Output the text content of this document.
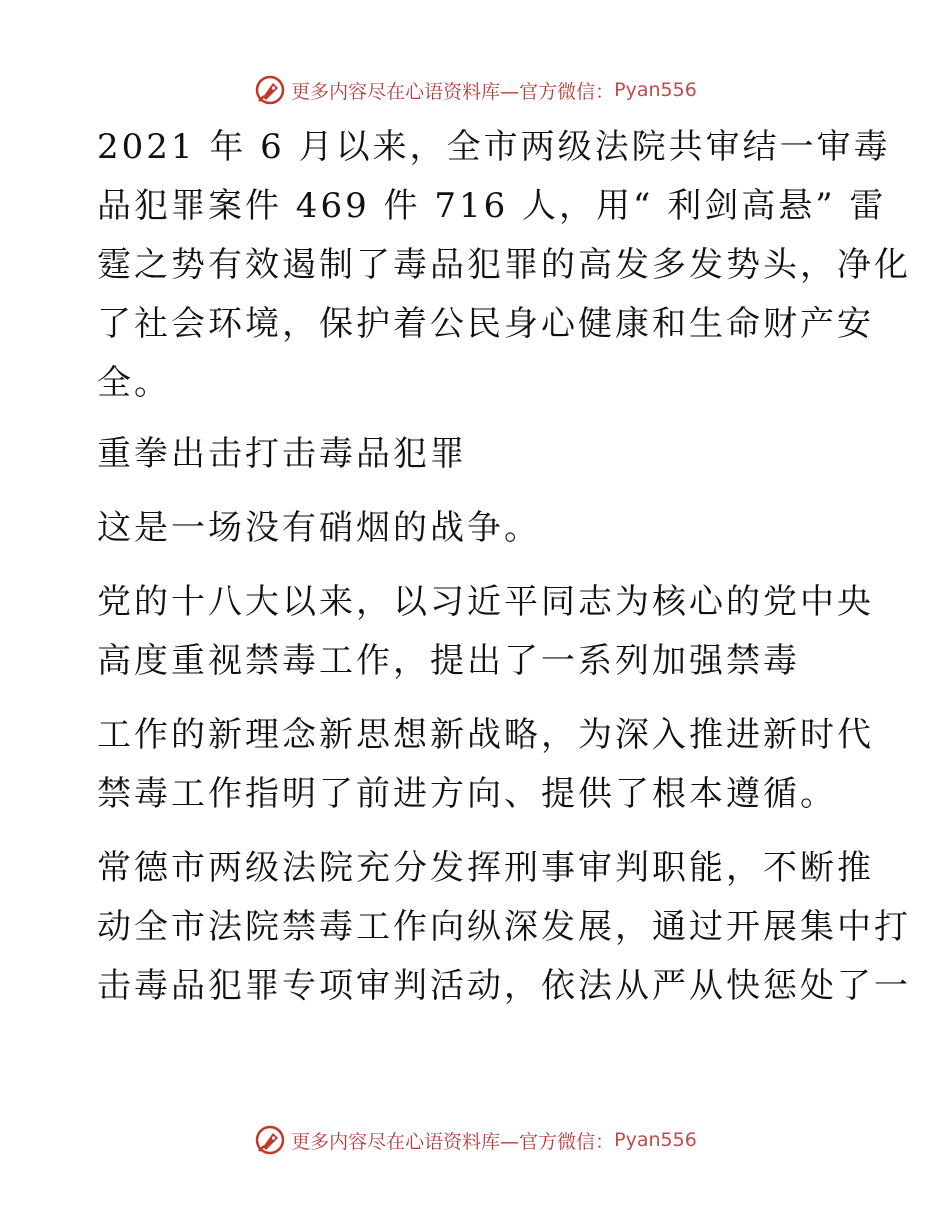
更多内容尽在心语资料库—官方微信： Pyan556

2021 年 6 月以来，全市两级法院共审结一审毒
品犯罪案件 469 件 716 人，用“ 利剑高悬” 雷
霆之势有效遏制了毒品犯罪的高发多发势头，净化
了社会环境，保护着公民身心健康和生命财产安
全。

重拳出击打击毒品犯罪

这是一场没有硝烟的战争。

党的十八大以来，以习近平同志为核心的党中央
高度重视禁毒工作，提出了一系列加强禁毒

工作的新理念新思想新战略，为深入推进新时代
禁毒工作指明了前进方向、提供了根本遵循。

常德市两级法院充分发挥刑事审判职能，不断推
动全市法院禁毒工作向纵深发展，通过开展集中打
击毒品犯罪专项审判活动，依法从严从快惩处了一

更多内容尽在心语资料库—官方微信： Pyan556
